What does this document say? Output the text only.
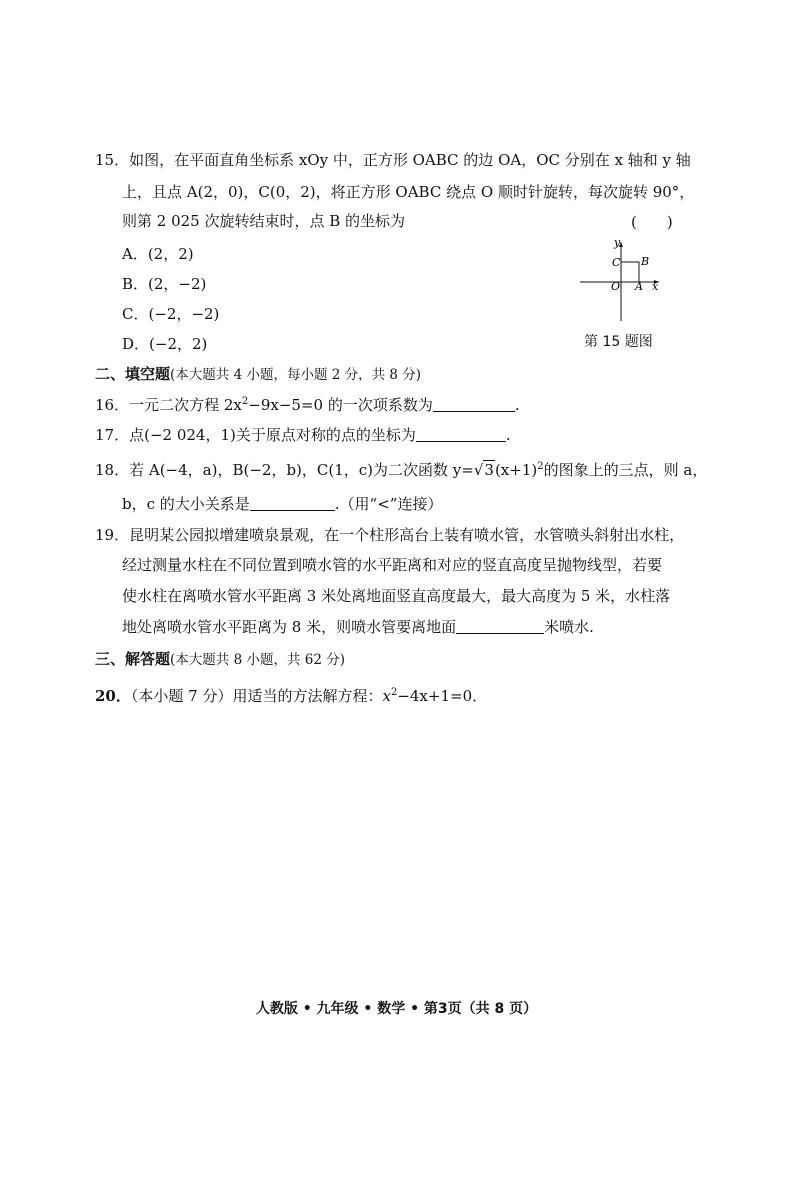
15．如图，在平面直角坐标系 xOy 中，正方形 OABC 的边 OA，OC 分别在 x 轴和 y 轴
上，且点 A(2，0)，C(0，2)，将正方形 OABC 绕点 O 顺时针旋转，每次旋转 90°，
则第 2 025 次旋转结束时，点 B 的坐标为	(　　)
A．(2，2)
B．(2，−2)
C．(−2，−2)
D．(−2，2)
y
x
O A
B
C
第 15 题图
二、填空题(本大题共 4 小题，每小题 2 分，共 8 分)
16．一元二次方程 $2x^2-9x-5=0$ 的一次项系数为	.
17．点(−2 024，1)关于原点对称的点的坐标为	.
18．若 A(−4，a)，B(−2，b)，C(1，c)为二次函数 $y=√3(x+1)^2$的图象上的三点，则 a，
b，c 的大小关系是	.（用“<”连接）
19．昆明某公园拟增建喷泉景观，在一个柱形高台上装有喷水管，水管喷头斜射出水柱，
经过测量水柱在不同位置到喷水管的水平距离和对应的竖直高度呈抛物线型，若要
使水柱在离喷水管水平距离 3 米处离地面竖直高度最大，最大高度为 5 米，水柱落
地处离喷水管水平距离为 8 米，则喷水管要离地面	米喷水.
三、解答题(本大题共 8 小题，共 62 分)
20．（本小题 7 分）用适当的方法解方程：$x^2-4x+1=0$．
人教版 • 九年级 • 数学 • 第3页（共 8 页）
